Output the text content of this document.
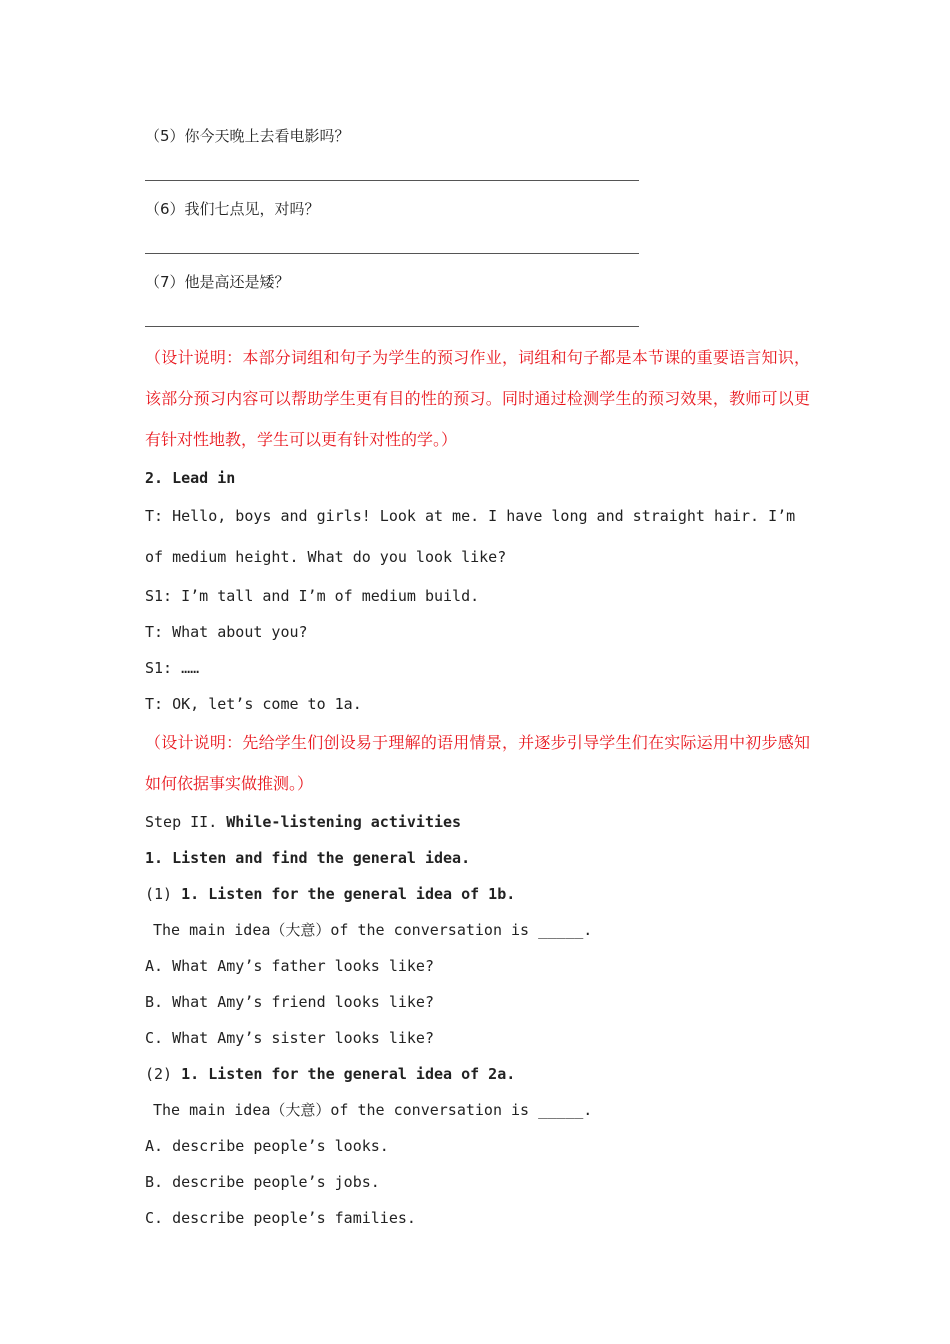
（5）你今天晚上去看电影吗？
（6）我们七点见，对吗？
（7）他是高还是矮？
（设计说明：本部分词组和句子为学生的预习作业，词组和句子都是本节课的重要语言知识，该部分预习内容可以帮助学生更有目的性的预习。同时通过检测学生的预习效果，教师可以更有针对性地教，学生可以更有针对性的学。）
2. Lead in
T: Hello, boys and girls! Look at me. I have long and straight hair. I’m of medium height. What do you look like?
S1: I’m tall and I’m of medium build.
T: What about you?
S1: ……
T: OK, let’s come to 1a.
（设计说明：先给学生们创设易于理解的语用情景，并逐步引导学生们在实际运用中初步感知如何依据事实做推测。）
Step II. While-listening activities
1. Listen and find the general idea.
(1) 1. Listen for the general idea of 1b.
The main idea（大意）of the conversation is _____.
A. What Amy’s father looks like?
B. What Amy’s friend looks like?
C. What Amy’s sister looks like?
(2) 1. Listen for the general idea of 2a.
The main idea（大意）of the conversation is _____.
A. describe people’s looks.
B. describe people’s jobs.
C. describe people’s families.
